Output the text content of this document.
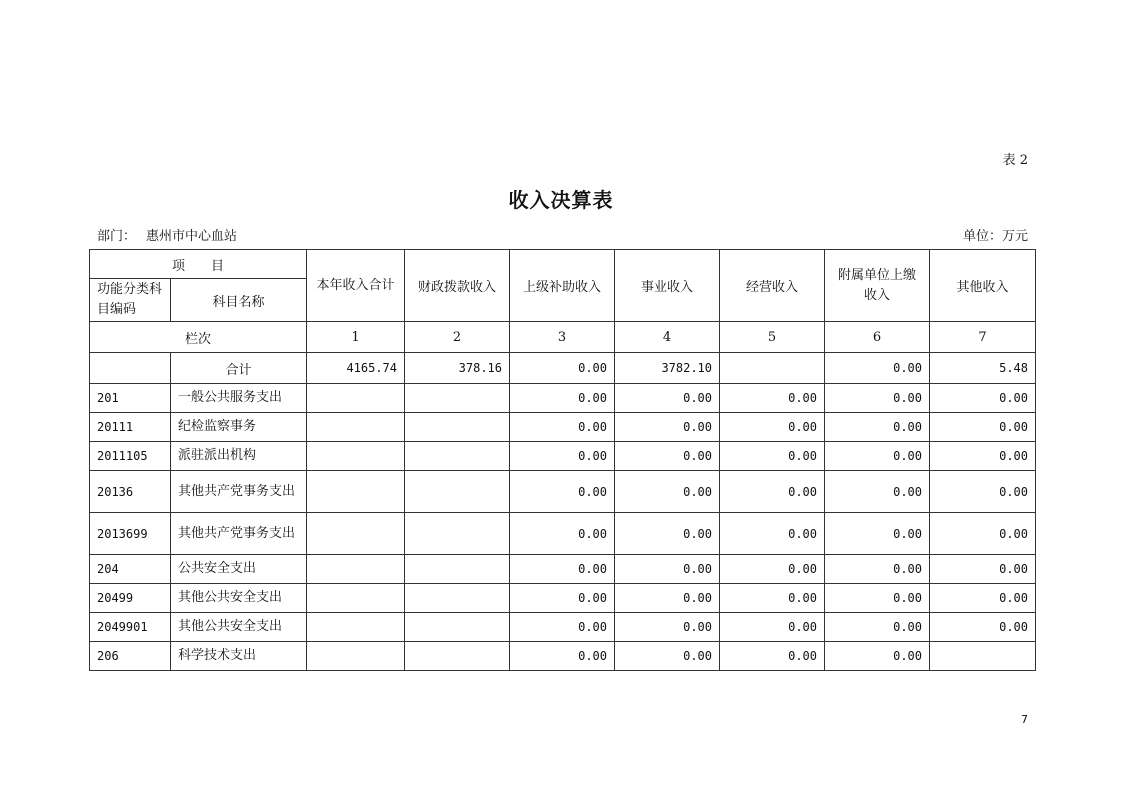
表 2
收入决算表
部门： 惠州市中心血站	单位：万元
项　　目		本年收入合计	财政拨款收入	上级补助收入	事业收入	经营收入	附属单位上缴收入	其他收入
功能分类科目编码	科目名称							
栏次		1	2	3	4	5	6	7
	合计	4165.74	378.16	0.00	3782.10		0.00	5.48
201	一般公共服务支出			0.00	0.00	0.00	0.00	0.00
20111	纪检监察事务			0.00	0.00	0.00	0.00	0.00
2011105	派驻派出机构			0.00	0.00	0.00	0.00	0.00
20136	其他共产党事务支出			0.00	0.00	0.00	0.00	0.00
2013699	其他共产党事务支出			0.00	0.00	0.00	0.00	0.00
204	公共安全支出			0.00	0.00	0.00	0.00	0.00
20499	其他公共安全支出			0.00	0.00	0.00	0.00	0.00
2049901	其他公共安全支出			0.00	0.00	0.00	0.00	0.00
206	科学技术支出			0.00	0.00	0.00	0.00	
7
